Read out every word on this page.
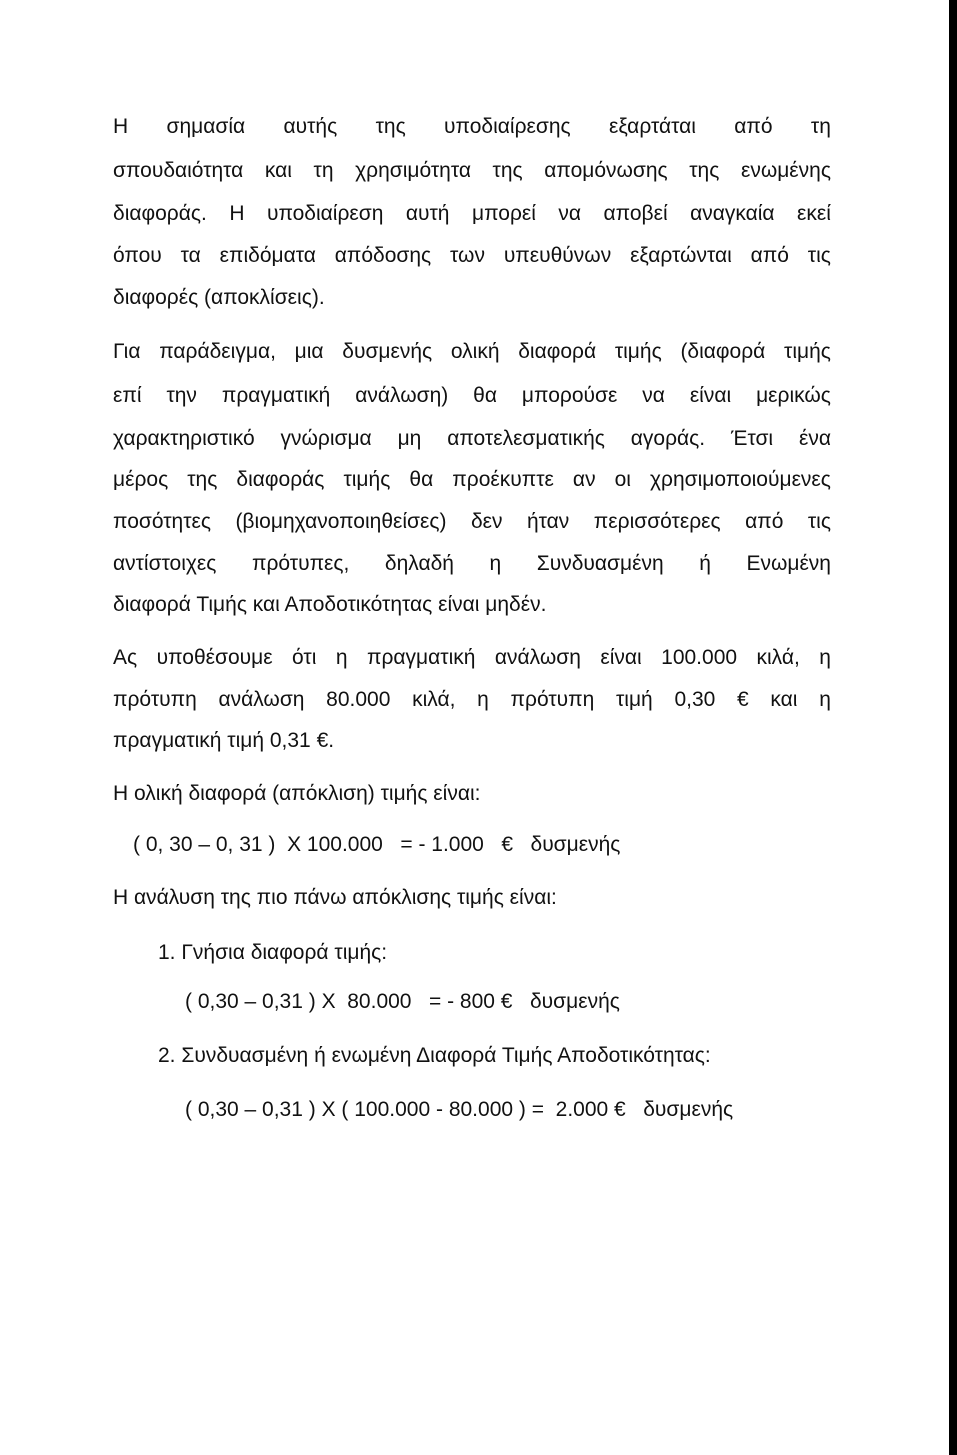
Η σημασία αυτής της υποδιαίρεσης εξαρτάται από τη
σπουδαιότητα και τη χρησιμότητα της απομόνωσης της ενωμένης
διαφοράς. Η υποδιαίρεση αυτή μπορεί να αποβεί αναγκαία εκεί
όπου τα επιδόματα απόδοσης των υπευθύνων εξαρτώνται από τις
διαφορές (αποκλίσεις).
Για παράδειγμα, μια δυσμενής ολική διαφορά τιμής (διαφορά τιμής
επί την πραγματική ανάλωση) θα μπορούσε να είναι μερικώς
χαρακτηριστικό γνώρισμα μη αποτελεσματικής αγοράς. Έτσι ένα
μέρος της διαφοράς τιμής θα προέκυπτε αν οι χρησιμοποιούμενες
ποσότητες (βιομηχανοποιηθείσες) δεν ήταν περισσότερες από τις
αντίστοιχες πρότυπες, δηλαδή η Συνδυασμένη ή Ενωμένη
διαφορά Τιμής και Αποδοτικότητας είναι μηδέν.
Ας υποθέσουμε ότι η πραγματική ανάλωση είναι 100.000 κιλά, η
πρότυπη ανάλωση 80.000 κιλά, η πρότυπη τιμή 0,30 € και η
πραγματική τιμή 0,31 €.
Η ολική διαφορά (απόκλιση) τιμής είναι:
( 0, 30 – 0, 31 )  X 100.000   = - 1.000   €   δυσμενής
Η ανάλυση της πιο πάνω απόκλισης τιμής είναι:
1. Γνήσια διαφορά τιμής:
( 0,30 – 0,31 ) X  80.000   = - 800 €   δυσμενής
2. Συνδυασμένη ή ενωμένη Διαφορά Τιμής Αποδοτικότητας:
( 0,30 – 0,31 ) X ( 100.000 - 80.000 ) =  2.000 €   δυσμενής
